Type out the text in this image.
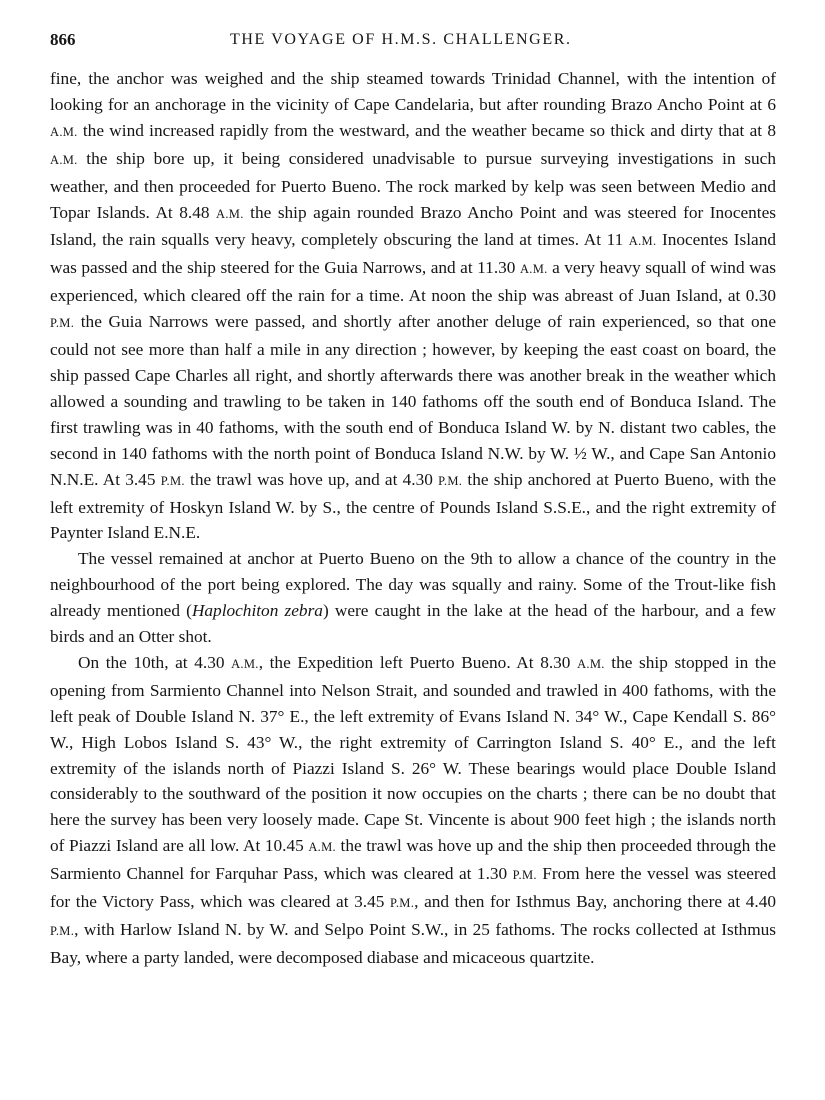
866	THE VOYAGE OF H.M.S. CHALLENGER.

fine, the anchor was weighed and the ship steamed towards Trinidad Channel, with the intention of looking for an anchorage in the vicinity of Cape Candelaria, but after rounding Brazo Ancho Point at 6 A.M. the wind increased rapidly from the westward, and the weather became so thick and dirty that at 8 A.M. the ship bore up, it being considered unadvisable to pursue surveying investigations in such weather, and then proceeded for Puerto Bueno. The rock marked by kelp was seen between Medio and Topar Islands. At 8.48 A.M. the ship again rounded Brazo Ancho Point and was steered for Inocentes Island, the rain squalls very heavy, completely obscuring the land at times. At 11 A.M. Inocentes Island was passed and the ship steered for the Guia Narrows, and at 11.30 A.M. a very heavy squall of wind was experienced, which cleared off the rain for a time. At noon the ship was abreast of Juan Island, at 0.30 P.M. the Guia Narrows were passed, and shortly after another deluge of rain experienced, so that one could not see more than half a mile in any direction ; however, by keeping the east coast on board, the ship passed Cape Charles all right, and shortly afterwards there was another break in the weather which allowed a sounding and trawling to be taken in 140 fathoms off the south end of Bonduca Island. The first trawling was in 40 fathoms, with the south end of Bonduca Island W. by N. distant two cables, the second in 140 fathoms with the north point of Bonduca Island N.W. by W. ½ W., and Cape San Antonio N.N.E. At 3.45 P.M. the trawl was hove up, and at 4.30 P.M. the ship anchored at Puerto Bueno, with the left extremity of Hoskyn Island W. by S., the centre of Pounds Island S.S.E., and the right extremity of Paynter Island E.N.E.

The vessel remained at anchor at Puerto Bueno on the 9th to allow a chance of the country in the neighbourhood of the port being explored. The day was squally and rainy. Some of the Trout-like fish already mentioned (Haplochiton zebra) were caught in the lake at the head of the harbour, and a few birds and an Otter shot.

On the 10th, at 4.30 A.M., the Expedition left Puerto Bueno. At 8.30 A.M. the ship stopped in the opening from Sarmiento Channel into Nelson Strait, and sounded and trawled in 400 fathoms, with the left peak of Double Island N. 37° E., the left extremity of Evans Island N. 34° W., Cape Kendall S. 86° W., High Lobos Island S. 43° W., the right extremity of Carrington Island S. 40° E., and the left extremity of the islands north of Piazzi Island S. 26° W. These bearings would place Double Island considerably to the southward of the position it now occupies on the charts ; there can be no doubt that here the survey has been very loosely made. Cape St. Vincente is about 900 feet high ; the islands north of Piazzi Island are all low. At 10.45 A.M. the trawl was hove up and the ship then proceeded through the Sarmiento Channel for Farquhar Pass, which was cleared at 1.30 P.M. From here the vessel was steered for the Victory Pass, which was cleared at 3.45 P.M., and then for Isthmus Bay, anchoring there at 4.40 P.M., with Harlow Island N. by W. and Selpo Point S.W., in 25 fathoms. The rocks collected at Isthmus Bay, where a party landed, were decomposed diabase and micaceous quartzite.
